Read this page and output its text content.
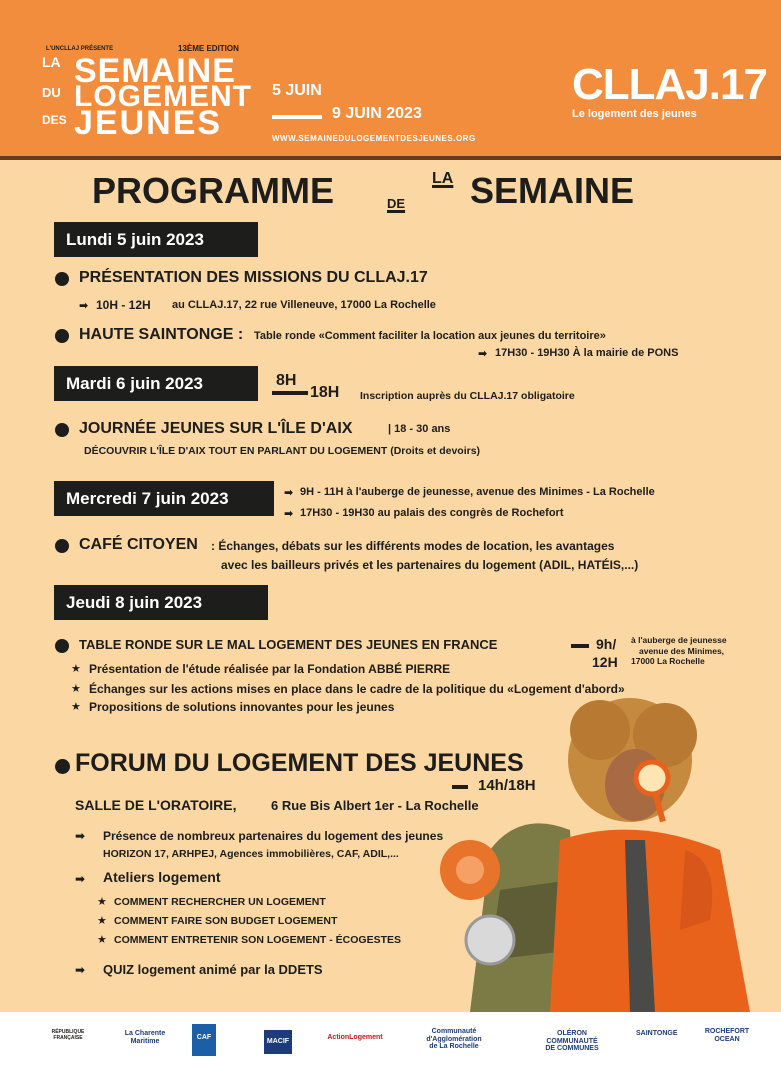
L'UNCLLAJ PRÉSENTE	13ÈME EDITION
LA SEMAINE
DU LOGEMENT
DES JEUNES
5 JUIN
9 JUIN 2023
WWW.SEMAINEDULOGEMENTDESJEUNES.ORG
CLLAJ.17
Le logement des jeunes
PROGRAMME	DE
LA SEMAINE
Lundi 5 juin 2023
PRÉSENTATION DES MISSIONS DU CLLAJ.17
➡ 10H - 12H au CLLAJ.17, 22 rue Villeneuve, 17000 La Rochelle
HAUTE SAINTONGE : Table ronde «Comment faciliter la location aux jeunes du territoire»
➡ 17H30 - 19H30 À la mairie de PONS
Mardi 6 juin 2023	8H
18H Inscription auprès du CLLAJ.17 obligatoire
JOURNÉE JEUNES SUR L'ÎLE D'AIX	| 18 - 30 ans
DÉCOUVRIR L'ÎLE D'AIX TOUT EN PARLANT DU LOGEMENT (Droits et devoirs)
Mercredi 7 juin 2023	➡ 9H - 11H à l'auberge de jeunesse, avenue des Minimes - La Rochelle
➡ 17H30 - 19H30 au palais des congrès de Rochefort
CAFÉ CITOYEN : Échanges, débats sur les différents modes de location, les avantages
avec les bailleurs privés et les partenaires du logement (ADIL, HATÉIS,...)
Jeudi 8 juin 2023
TABLE RONDE SUR LE MAL LOGEMENT DES JEUNES EN FRANCE	9h/
12H
à l'auberge de jeunesse
avenue des Minimes,
17000 La Rochelle
★ Présentation de l'étude réalisée par la Fondation ABBÉ PIERRE
★ Échanges sur les actions mises en place dans le cadre de la politique du «Logement d'abord»
★ Propositions de solutions innovantes pour les jeunes
FORUM DU LOGEMENT DES JEUNES
14h/18H
SALLE DE L'ORATOIRE,	6 Rue Bis Albert 1er - La Rochelle
➡ Présence de nombreux partenaires du logement des jeunes
HORIZON 17, ARHPEJ, Agences immobilières, CAF, ADIL,...
➡ Ateliers logement
★ COMMENT RECHERCHER UN LOGEMENT
★ COMMENT FAIRE SON BUDGET LOGEMENT
★ COMMENT ENTRETENIR SON LOGEMENT - ÉCOGESTES
➡ QUIZ logement animé par la DDETS
RÉPUBLIQUE FRANÇAISE
La Charente Maritime
CAF
MACIF
ActionLogement
Communauté d'Agglomération de La Rochelle
OLÉRON COMMUNAUTÉ DE COMMUNES
SAINTONGE	ROCHEFORT OCEAN
